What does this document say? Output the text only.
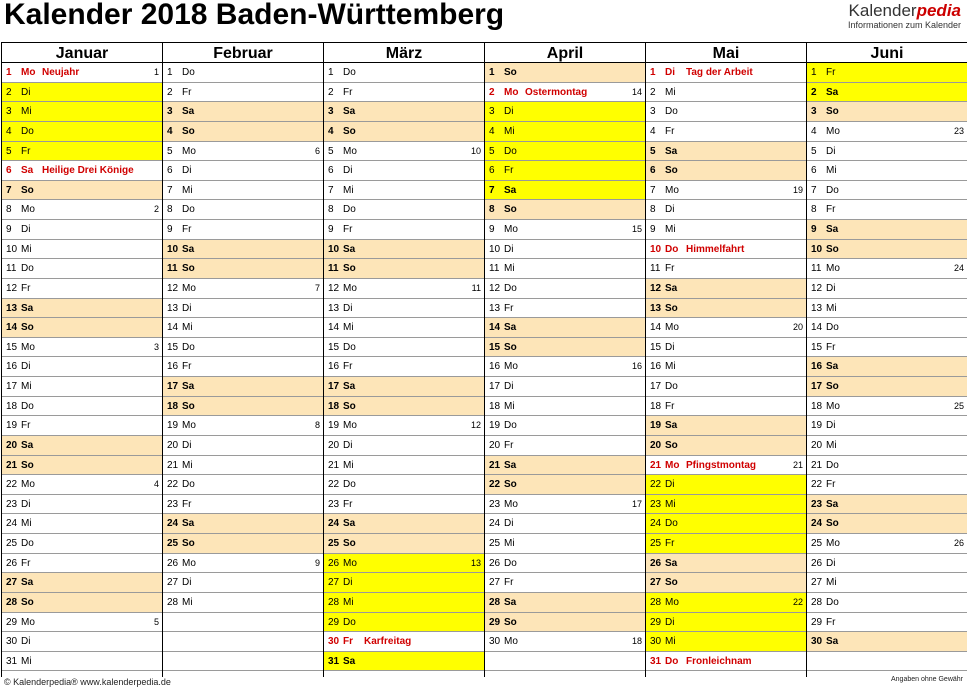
Kalender 2018 Baden-Württemberg	Kalenderpedia
Informationen zum Kalender
Januar
1 Mo Neujahr	1
2 Di
3 Mi
4 Do
5 Fr
6 Sa Heilige Drei Könige
7 So
8 Mo	2
9 Di
10 Mi
11 Do
12 Fr
13 Sa
14 So
15 Mo	3
16 Di
17 Mi
18 Do
19 Fr
20 Sa
21 So
22 Mo	4
23 Di
24 Mi
25 Do
26 Fr
27 Sa
28 So
29 Mo	5
30 Di
31 Mi
Februar
1 Do
2 Fr
3 Sa
4 So
5 Mo	6
6 Di
7 Mi
8 Do
9 Fr
10 Sa
11 So
12 Mo	7
13 Di
14 Mi
15 Do
16 Fr
17 Sa
18 So
19 Mo	8
20 Di
21 Mi
22 Do
23 Fr
24 Sa
25 So
26 Mo	9
27 Di
28 Mi
März
1 Do
2 Fr
3 Sa
4 So
5 Mo	10
6 Di
7 Mi
8 Do
9 Fr
10 Sa
11 So
12 Mo	11
13 Di
14 Mi
15 Do
16 Fr
17 Sa
18 So
19 Mo	12
20 Di
21 Mi
22 Do
23 Fr
24 Sa
25 So
26 Mo	13
27 Di
28 Mi
29 Do
30 Fr Karfreitag
31 Sa
April
1 So
2 Mo Ostermontag	14
3 Di
4 Mi
5 Do
6 Fr
7 Sa
8 So
9 Mo	15
10 Di
11 Mi
12 Do
13 Fr
14 Sa
15 So
16 Mo	16
17 Di
18 Mi
19 Do
20 Fr
21 Sa
22 So
23 Mo	17
24 Di
25 Mi
26 Do
27 Fr
28 Sa
29 So
30 Mo	18
Mai
1 Di Tag der Arbeit
2 Mi
3 Do
4 Fr
5 Sa
6 So
7 Mo	19
8 Di
9 Mi
10 Do Himmelfahrt
11 Fr
12 Sa
13 So
14 Mo	20
15 Di
16 Mi
17 Do
18 Fr
19 Sa
20 So
21 Mo Pfingstmontag	21
22 Di
23 Mi
24 Do
25 Fr
26 Sa
27 So
28 Mo	22
29 Di
30 Mi
31 Do Fronleichnam
Juni
1 Fr
2 Sa
3 So
4 Mo	23
5 Di
6 Mi
7 Do
8 Fr
9 Sa
10 So
11 Mo	24
12 Di
13 Mi
14 Do
15 Fr
16 Sa
17 So
18 Mo	25
19 Di
20 Mi
21 Do
22 Fr
23 Sa
24 So
25 Mo	26
26 Di
27 Mi
28 Do
29 Fr
30 Sa
© Kalenderpedia® www.kalenderpedia.de	Angaben ohne Gewähr
